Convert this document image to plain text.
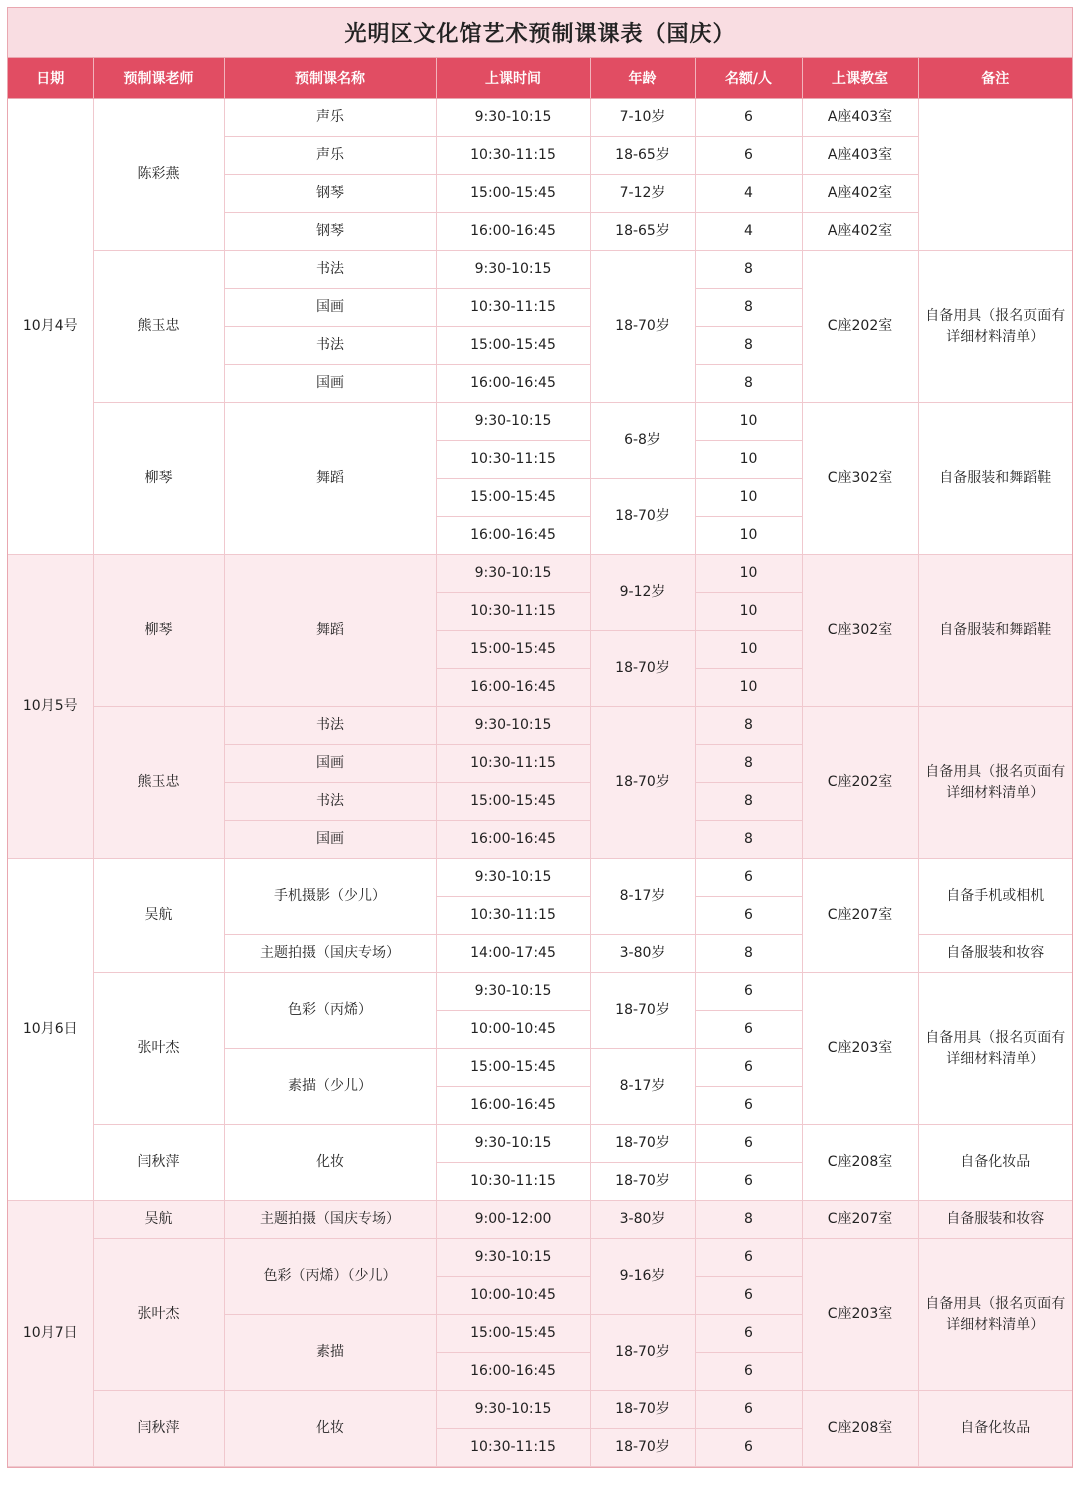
光明区文化馆艺术预制课课表（国庆）
日期	预制课老师	预制课名称	上课时间	年龄	名额/人	上课教室	备注
10月4号	陈彩燕	声乐	9:30-10:15	7-10岁	6	A座403室	
		声乐	10:30-11:15	18-65岁	6	A座403室	
		钢琴	15:00-15:45	7-12岁	4	A座402室	
		钢琴	16:00-16:45	18-65岁	4	A座402室	
	熊玉忠	书法	9:30-10:15	18-70岁	8	C座202室	自备用具（报名页面有详细材料清单）
		国画	10:30-11:15		8		
		书法	15:00-15:45		8		
		国画	16:00-16:45		8		
	柳琴	舞蹈	9:30-10:15	6-8岁	10	C座302室	自备服装和舞蹈鞋
			10:30-11:15		10		
			15:00-15:45	18-70岁	10		
			16:00-16:45		10		
10月5号	柳琴	舞蹈	9:30-10:15	9-12岁	10	C座302室	自备服装和舞蹈鞋
			10:30-11:15		10		
			15:00-15:45	18-70岁	10		
			16:00-16:45		10		
	熊玉忠	书法	9:30-10:15	18-70岁	8	C座202室	自备用具（报名页面有详细材料清单）
		国画	10:30-11:15		8		
		书法	15:00-15:45		8		
		国画	16:00-16:45		8		
10月6日	吴航	手机摄影（少儿）	9:30-10:15	8-17岁	6	C座207室	自备手机或相机
			10:30-11:15		6		
		主题拍摄（国庆专场）	14:00-17:45	3-80岁	8		自备服装和妆容
	张叶杰	色彩（丙烯）	9:30-10:15	18-70岁	6	C座203室	自备用具（报名页面有详细材料清单）
			10:00-10:45		6		
		素描（少儿）	15:00-15:45	8-17岁	6		
			16:00-16:45		6		
	闫秋萍	化妆	9:30-10:15	18-70岁	6	C座208室	自备化妆品
			10:30-11:15	18-70岁	6		
10月7日	吴航	主题拍摄（国庆专场）	9:00-12:00	3-80岁	8	C座207室	自备服装和妆容
	张叶杰	色彩（丙烯）（少儿）	9:30-10:15	9-16岁	6	C座203室	自备用具（报名页面有详细材料清单）
			10:00-10:45		6		
		素描	15:00-15:45	18-70岁	6		
			16:00-16:45		6		
	闫秋萍	化妆	9:30-10:15	18-70岁	6	C座208室	自备化妆品
			10:30-11:15	18-70岁	6		
